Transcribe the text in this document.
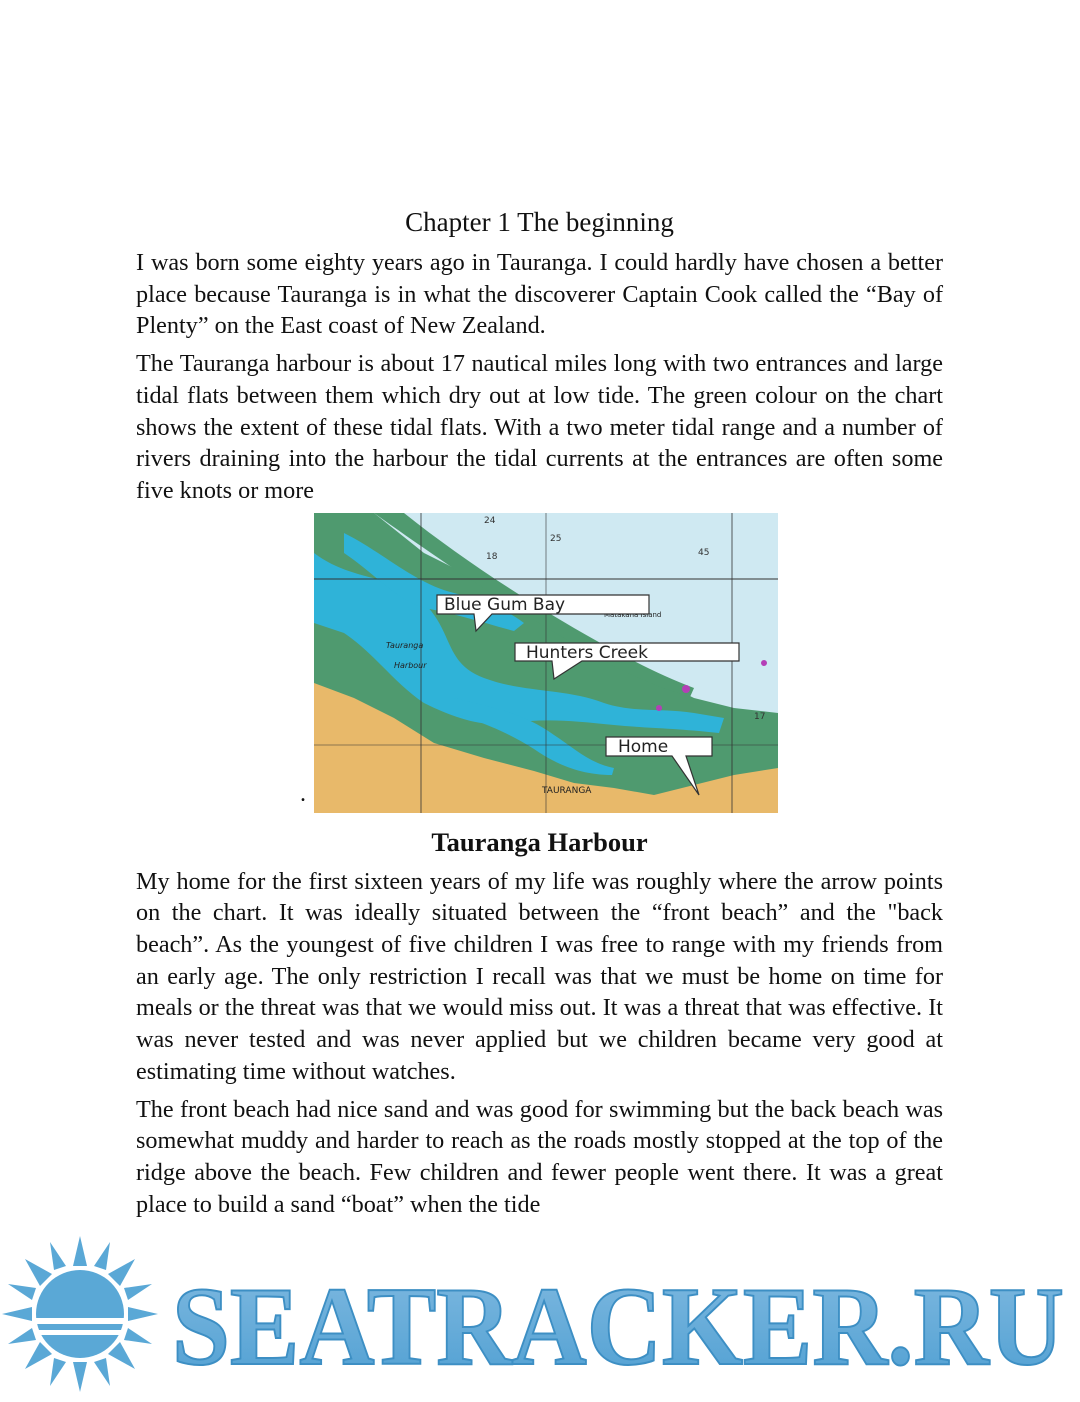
Chapter 1 The beginning

I was born some eighty years ago in Tauranga. I could hardly have chosen a better place because Tauranga is in what the discoverer Captain Cook called the “Bay of Plenty” on the East coast of New Zealand.

The Tauranga harbour is about 17 nautical miles long with two entrances and large tidal flats between them which dry out at low tide. The green colour on the chart shows the extent of these tidal flats. With a two meter tidal range and a number of rivers draining into the harbour the tidal currents at the entrances are often some five knots or more

.
24
25
45
18
17
Tauranga
Harbour
Matakana Island
TAURANGA
Blue Gum Bay
Hunters Creek
Home
Tauranga Harbour

My home for the first sixteen years of my life was roughly where the arrow points on the chart. It was ideally situated between the “front beach” and the "back beach”. As the youngest of five children I was free to range with my friends from an early age. The only restriction I recall was that we must be home on time for meals or the threat was that we would miss out. It was a threat that was effective. It was never tested and was never applied but we children became very good at estimating time without watches.

The front beach had nice sand and was good for swimming but the back beach was somewhat muddy and harder to reach as the roads mostly stopped at the top of the ridge above the beach. Few children and fewer people went there. It was a great place to build a sand “boat” when the tide

SEATRACKER.RU
